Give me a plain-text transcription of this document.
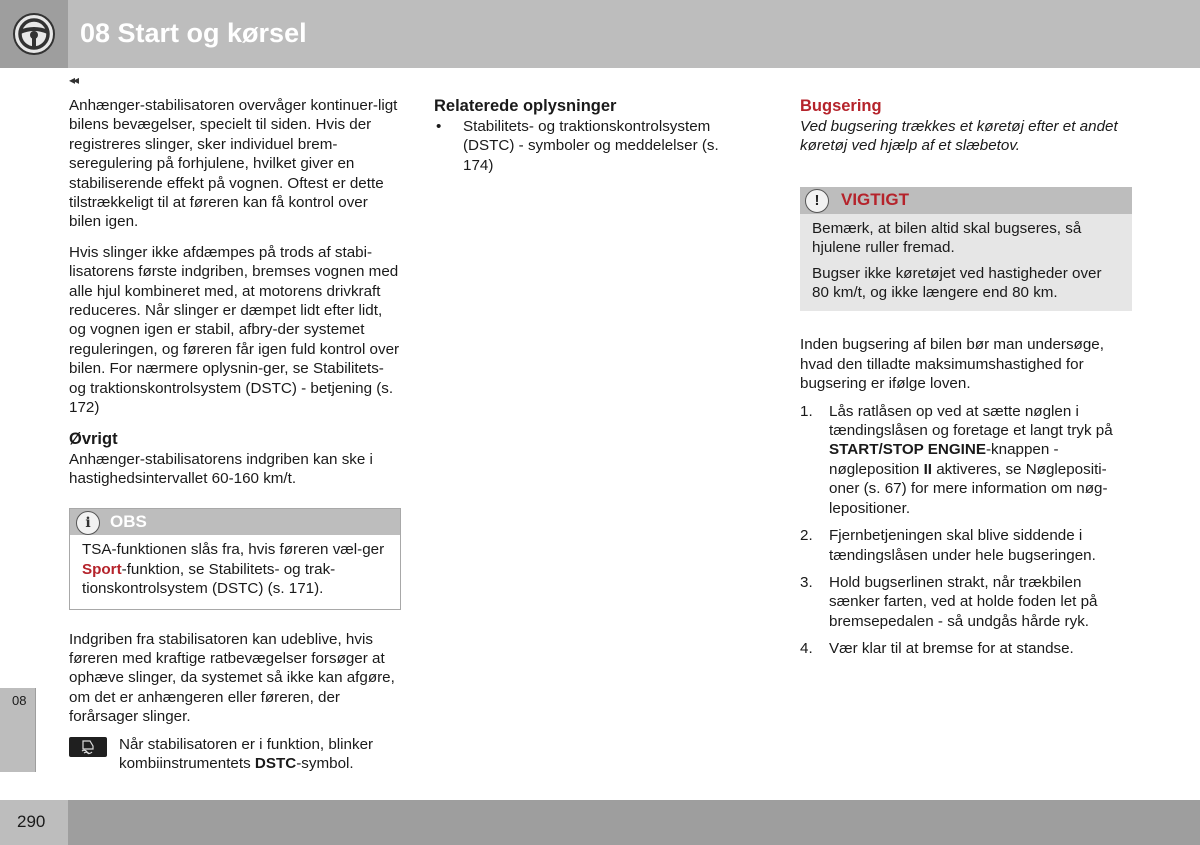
08 Start og kørsel
◂◂

Anhænger-stabilisatoren overvåger kontinuer-ligt bilens bevægelser, specielt til siden. Hvis der registreres slinger, sker individuel brem-seregulering på forhjulene, hvilket giver en stabiliserende effekt på vognen. Oftest er dette tilstrækkeligt til at føreren kan få kontrol over bilen igen.

Hvis slinger ikke afdæmpes på trods af stabi-lisatorens første indgriben, bremses vognen med alle hjul kombineret med, at motorens drivkraft reduceres. Når slinger er dæmpet lidt efter lidt, og vognen igen er stabil, afbry-der systemet reguleringen, og føreren får igen fuld kontrol over bilen. For nærmere oplysnin-ger, se Stabilitets- og traktionskontrolsystem (DSTC) - betjening (s. 172)

Øvrigt

Anhænger-stabilisatorens indgriben kan ske i hastighedsintervallet 60-160 km/t.

i	OBS
TSA-funktionen slås fra, hvis føreren væl-ger Sport-funktion, se Stabilitets- og trak-tionskontrolsystem (DSTC) (s. 171).

Indgriben fra stabilisatoren kan udeblive, hvis føreren med kraftige ratbevægelser forsøger at ophæve slinger, da systemet så ikke kan afgøre, om det er anhængeren eller føreren, der forårsager slinger.

Når stabilisatoren er i funktion, blinker kombiinstrumentets DSTC-symbol.
Relaterede oplysninger
• Stabilitets- og traktionskontrolsystem (DSTC) - symboler og meddelelser (s. 174)
Bugsering

Ved bugsering trækkes et køretøj efter et andet køretøj ved hjælp af et slæbetov.

!	VIGTIGT

Bemærk, at bilen altid skal bugseres, så hjulene ruller fremad.

Bugser ikke køretøjet ved hastigheder over 80 km/t, og ikke længere end 80 km.

Inden bugsering af bilen bør man undersøge, hvad den tilladte maksimumshastighed for bugsering er ifølge loven.

1. Lås ratlåsen op ved at sætte nøglen i tændingslåsen og foretage et langt tryk på START/STOP ENGINE-knappen - nøgleposition II aktiveres, se Nøglepositi-oner (s. 67) for mere information om nøg-lepositioner.
2. Fjernbetjeningen skal blive siddende i tændingslåsen under hele bugseringen.
3. Hold bugserlinen strakt, når trækbilen sænker farten, ved at holde foden let på bremsepedalen - så undgås hårde ryk.
4. Vær klar til at bremse for at standse.
08
290
